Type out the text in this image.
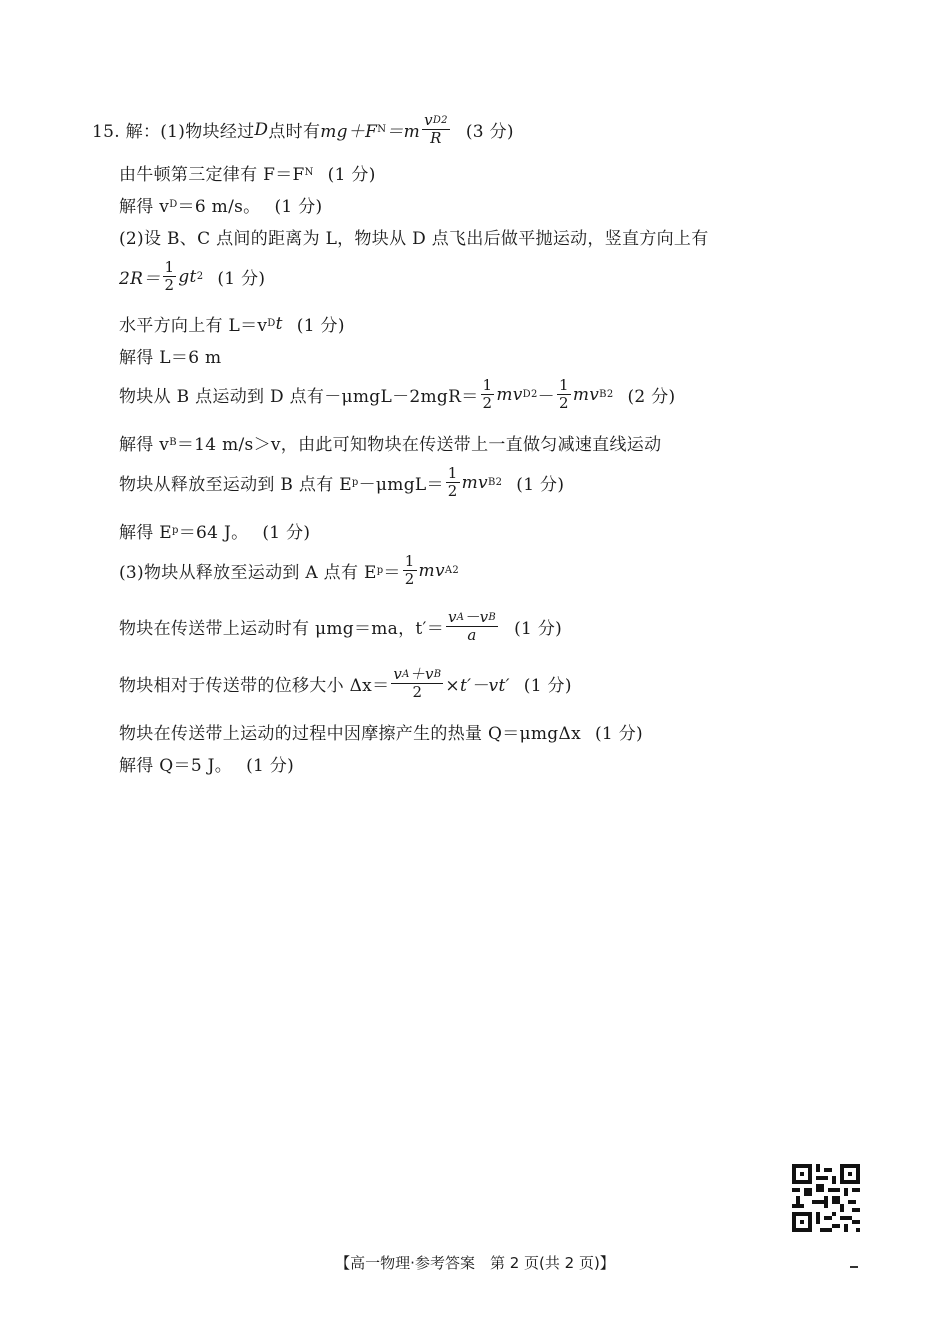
15. 解：(1)物块经过 D 点时有 mg＋F $N =m \frac{\text{v D 2}}{R} (3$ 分)
由牛顿第三定律有 F＝F N (1 分)
解得 v D ＝6 m/s。 (1 分)
(2)设 B、C 点间的距离为 L，物块从 D 点飞出后做平抛运动，竖直方向上有
$2R= \frac{1}{2}$ gt 2 (1 分)
水平方向上有 L＝v D t (1 分)
解得 L＝6 m
物块从 B 点运动到 D 点有$-\mu mgL-2mgR= \frac{1}{2}$ mv D $2 - \frac{1}{2}$ mv B 2 (2 分)
解得 v B ＝14 m/s＞v，由此可知物块在传送带上一直做匀减速直线运动
物块从释放至运动到 B 点有 E $p -\mu mgL= \frac{1}{2}$ mv B 2 (1 分)
解得 E p ＝64 J。 (1 分)
(3)物块从释放至运动到 A 点有 E $p = \frac{1}{2}$ mv A 2
物块在传送带上运动时有 μmg＝ma，$t'= \frac{\text{v A －v B}}{a} (1$ 分)
物块相对于传送带的位移大小 $\Delta x= \frac{\text{v A ＋v B}}{2} \times t'-vt'$ (1 分)
物块在传送带上运动的过程中因摩擦产生的热量 Q＝μmgΔx (1 分)
解得 Q＝5 J。 (1 分)
【高一物理·参考答案　第 2 页(共 2 页)】
